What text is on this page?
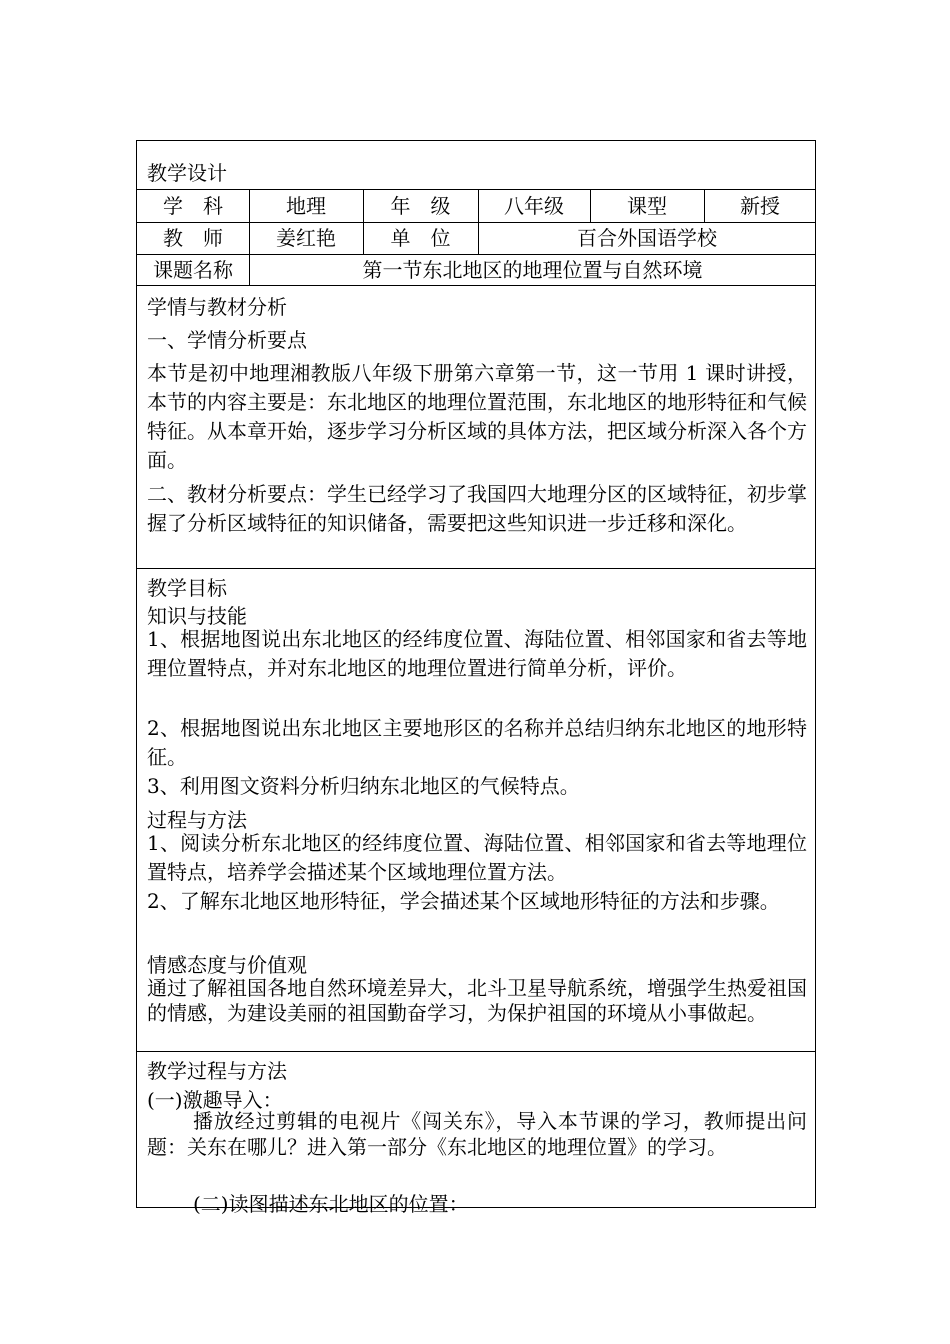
教学设计
学　科	地理	年　级	八年级	课型	新授
教　师	姜红艳	单　位	百合外国语学校
课题名称	第一节东北地区的地理位置与自然环境
学情与教材分析
一、学情分析要点
本节是初中地理湘教版八年级下册第六章第一节，这一节用 1 课时讲授，本节的内容主要是：东北地区的地理位置范围，东北地区的地形特征和气候特征。从本章开始，逐步学习分析区域的具体方法，把区域分析深入各个方面。
二、教材分析要点：学生已经学习了我国四大地理分区的区域特征，初步掌握了分析区域特征的知识储备，需要把这些知识进一步迁移和深化。
教学目标
知识与技能
1、根据地图说出东北地区的经纬度位置、海陆位置、相邻国家和省去等地理位置特点，并对东北地区的地理位置进行简单分析，评价。
2、根据地图说出东北地区主要地形区的名称并总结归纳东北地区的地形特征。
3、利用图文资料分析归纳东北地区的气候特点。
过程与方法
1、阅读分析东北地区的经纬度位置、海陆位置、相邻国家和省去等地理位置特点，培养学会描述某个区域地理位置方法。
2、了解东北地区地形特征，学会描述某个区域地形特征的方法和步骤。
情感态度与价值观
通过了解祖国各地自然环境差异大，北斗卫星导航系统，增强学生热爱祖国的情感，为建设美丽的祖国勤奋学习，为保护祖国的环境从小事做起。
教学过程与方法
(一)激趣导入：
播放经过剪辑的电视片《闯关东》，导入本节课的学习，教师提出问题：关东在哪儿？进入第一部分《东北地区的地理位置》的学习。
(二)读图描述东北地区的位置：
